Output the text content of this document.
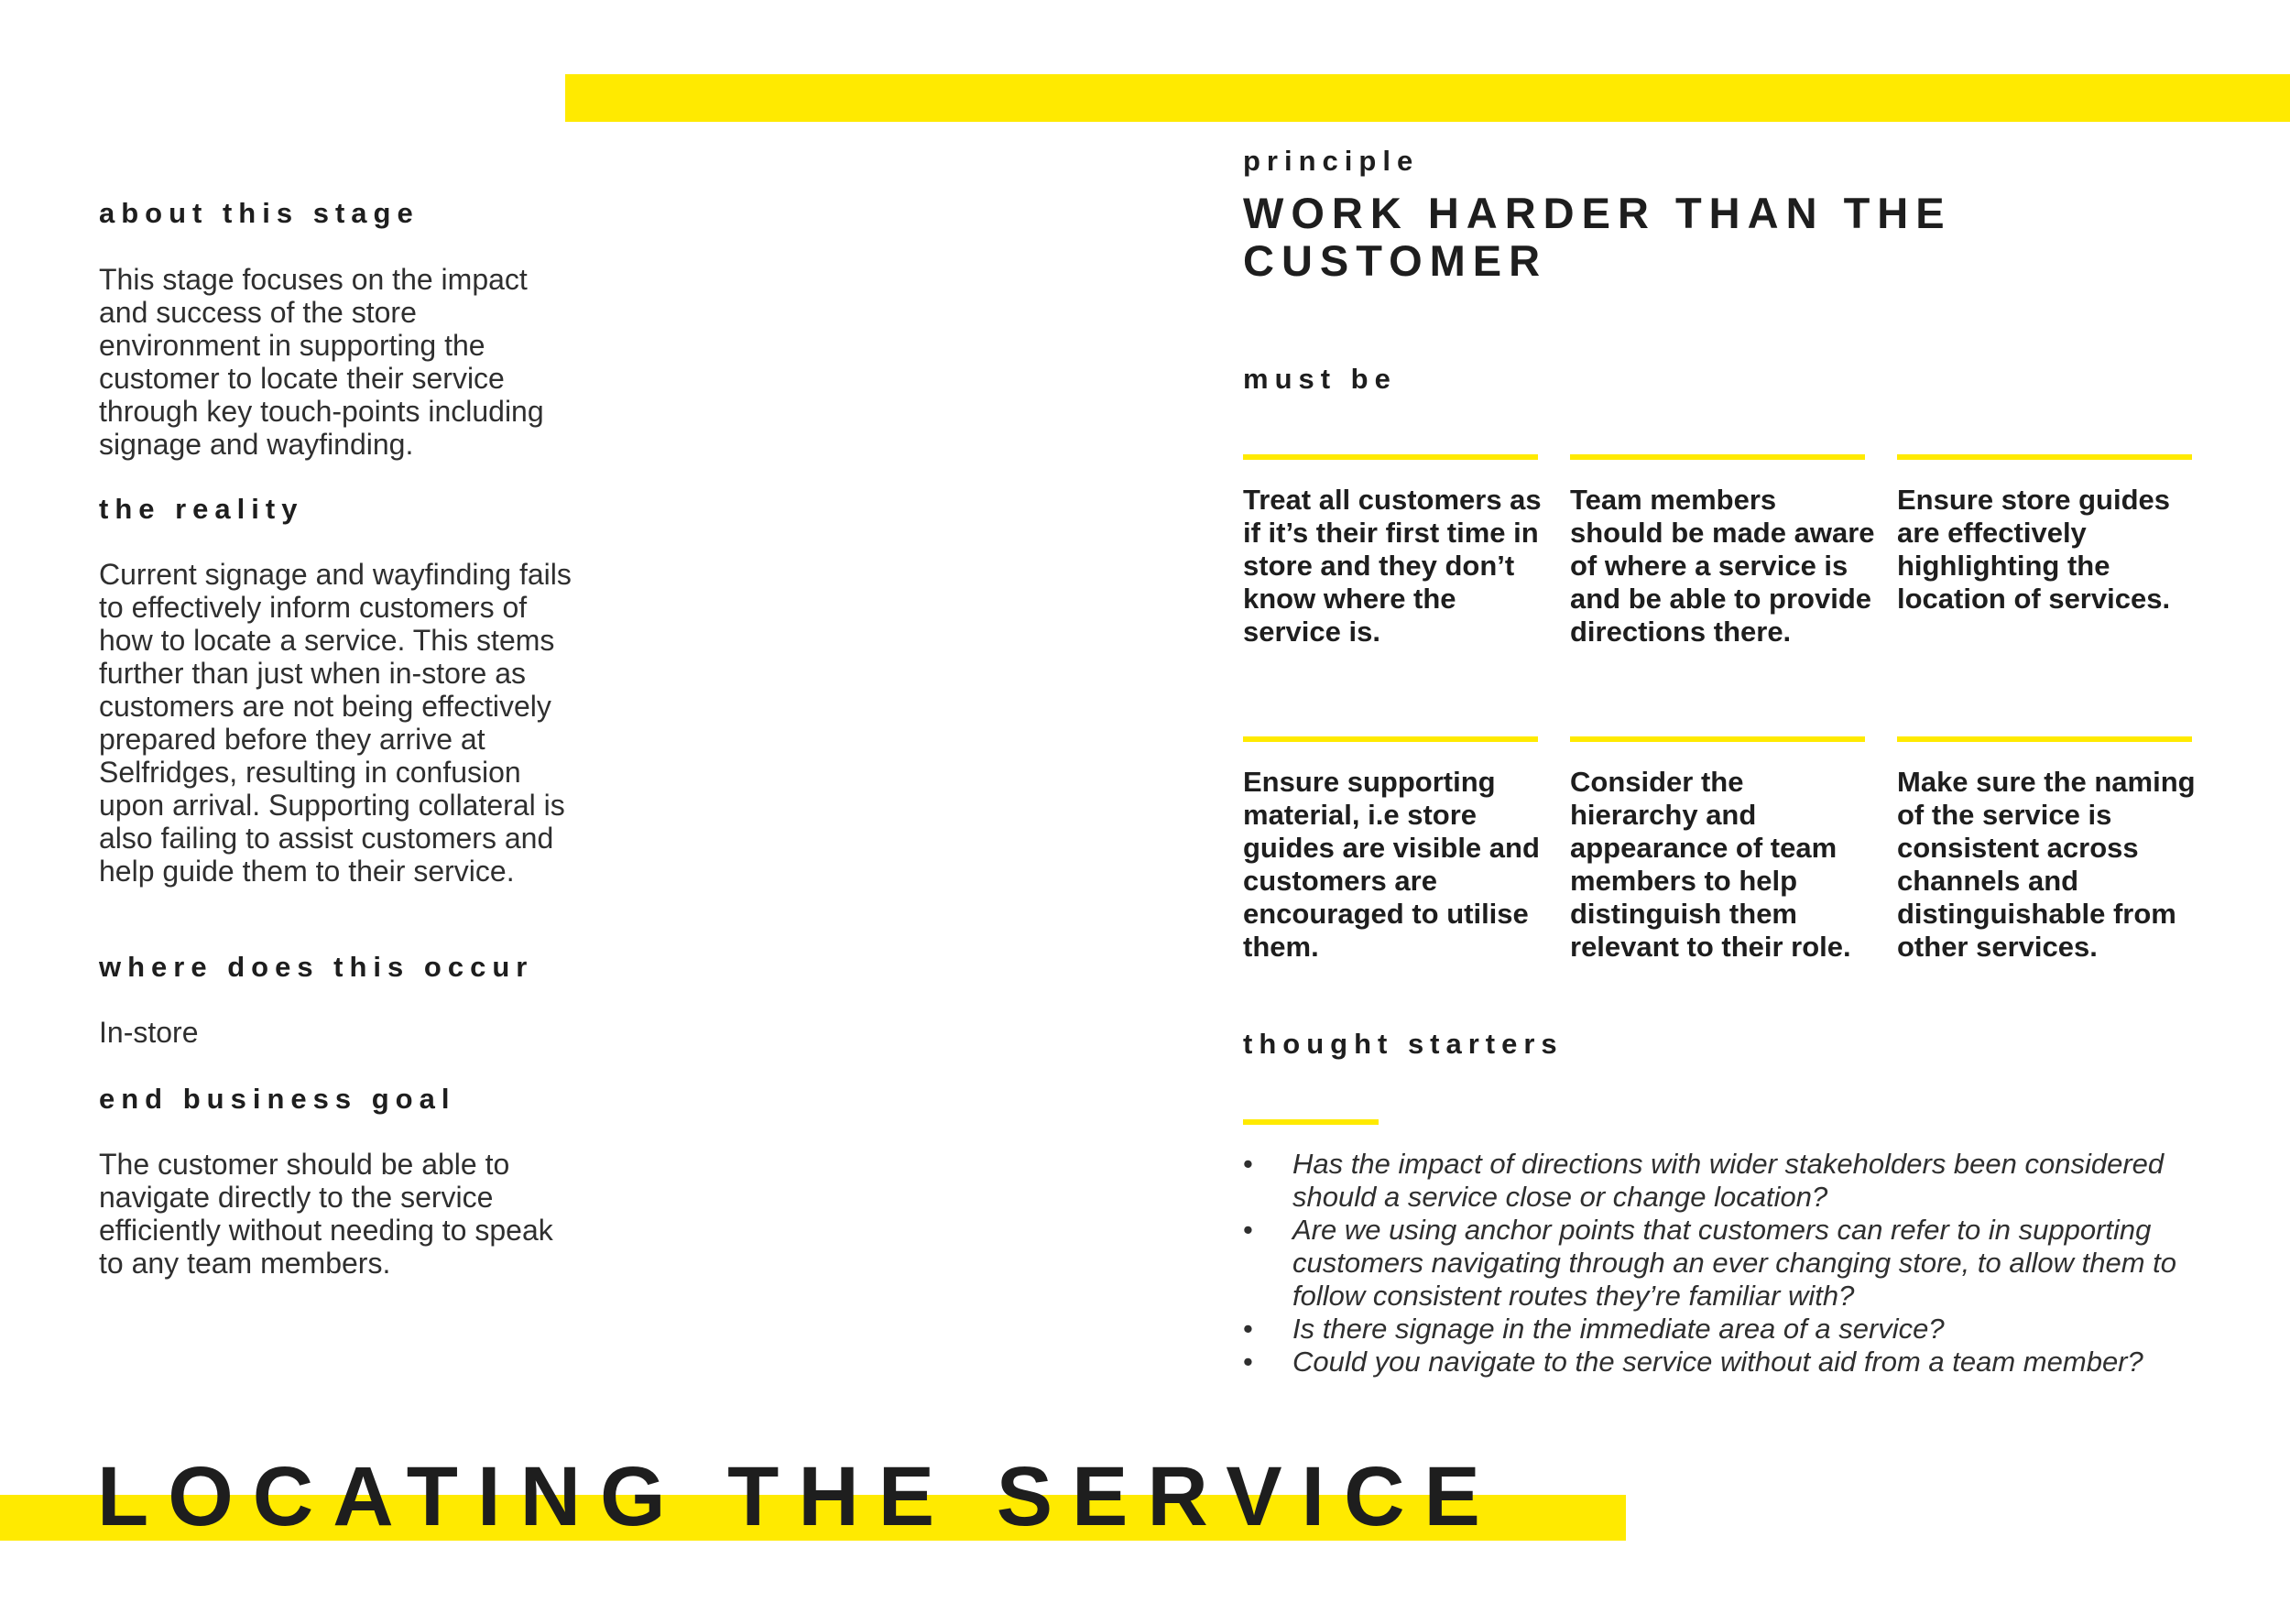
about this stage

This stage focuses on the impact and success of the store environment in supporting the customer to locate their service through key touch-points including signage and wayfinding.

the reality

Current signage and wayfinding fails to effectively inform customers of how to locate a service. This stems further than just when in-store as customers are not being effectively prepared before they arrive at Selfridges, resulting in confusion upon arrival. Supporting collateral is also failing to assist customers and help guide them to their service.

where does this occur

In-store

end business goal

The customer should be able to navigate directly to the service efficiently without needing to speak to any team members.

principle
WORK HARDER THAN THE CUSTOMER
must be

Treat all customers as if it’s their first time in store and they don’t know where the service is.

Team members should be made aware of where a service is and be able to provide directions there.

Ensure store guides are effectively highlighting the location of services.

Ensure supporting material, i.e store guides are visible and customers are encouraged to utilise them.

Consider the hierarchy and appearance of team members to help distinguish them relevant to their role.

Make sure the naming of the service is consistent across channels and distinguishable from other services.

thought starters
• Has the impact of directions with wider stakeholders been considered should a service close or change location?
• Are we using anchor points that customers can refer to in supporting customers navigating through an ever changing store, to allow them to follow consistent routes they’re familiar with?
• Is there signage in the immediate area of a service?
• Could you navigate to the service without aid from a team member?
LOCATING THE SERVICE
